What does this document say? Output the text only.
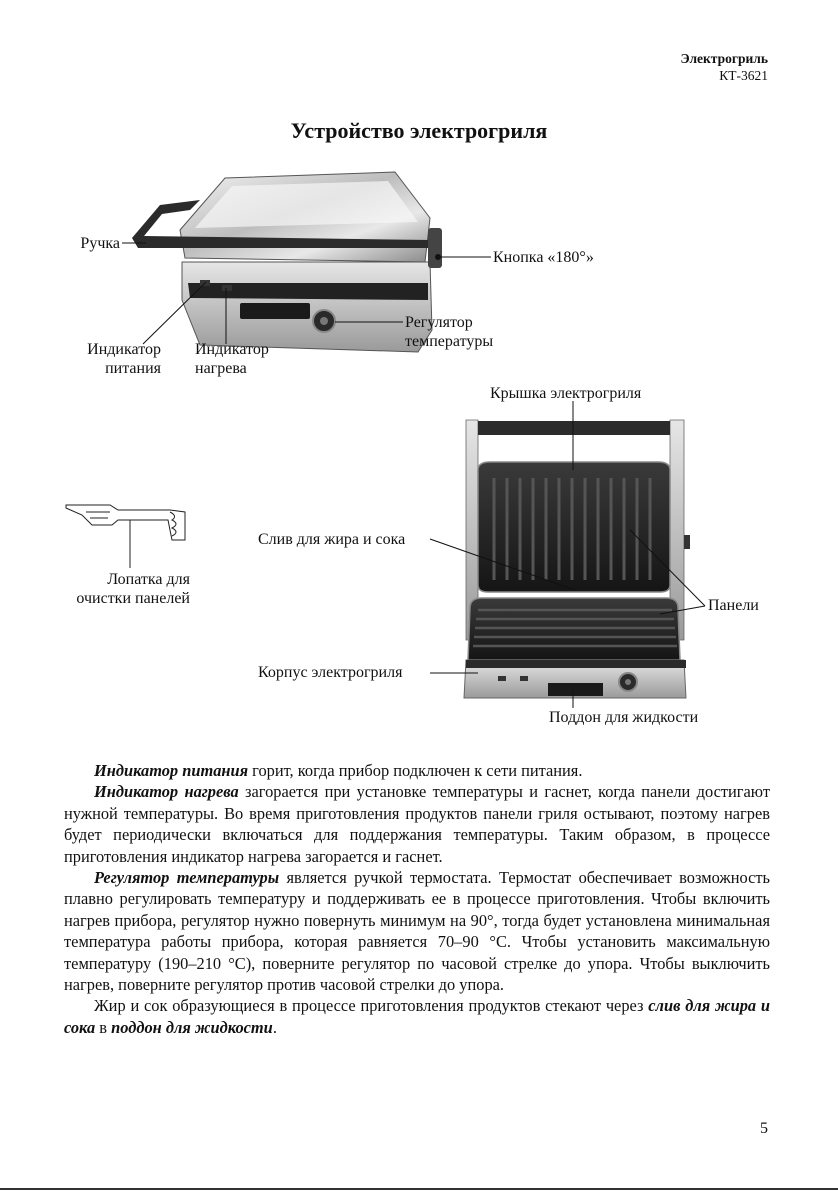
Электрогриль
КТ-3621
Устройство электрогриля
Ручка
Кнопка «180°»
Индикатор
питания
Индикатор
нагрева
Регулятор
температуры
Крышка электрогриля
Лопатка для
очистки панелей
Слив для жира и сока
Панели
Корпус электрогриля
Поддон для жидкости

Индикатор питания горит, когда прибор подключен к сети питания.

Индикатор нагрева загорается при установке температуры и гаснет, когда панели достигают нужной температуры. Во время приготовления продуктов панели гриля остывают, поэтому нагрев будет периодически включаться для поддержания температуры. Таким образом, в процессе приготовления индикатор нагрева загорается и гаснет.

Регулятор температуры является ручкой термостата. Термостат обеспечивает возможность плавно регулировать температуру и поддерживать ее в процессе приготовления. Чтобы включить нагрев прибора, регулятор нужно повернуть минимум на 90°, тогда будет установлена минимальная температура работы прибора, которая равняется 70–90 °С. Чтобы установить максимальную температуру (190–210 °С), поверните регулятор по часовой стрелке до упора. Чтобы выключить нагрев, поверните регулятор против часовой стрелки до упора.

Жир и сок образующиеся в процессе приготовления продуктов стекают через слив для жира и сока в поддон для жидкости.

5
